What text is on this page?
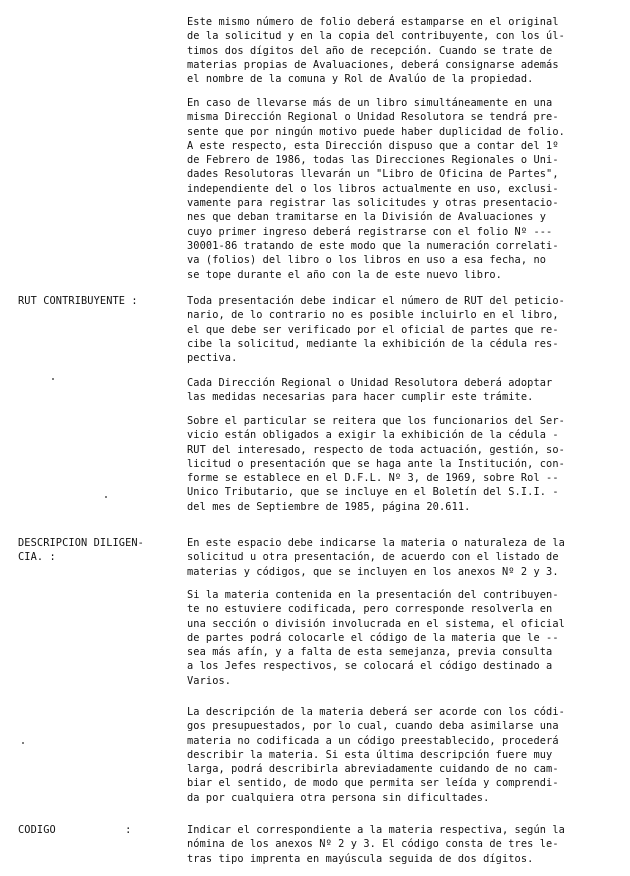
Este mismo número de folio deberá estamparse en el original
de la solicitud y en la copia del contribuyente, con los úl-
timos dos dígitos del año de recepción. Cuando se trate de
materias propias de Avaluaciones, deberá consignarse además
el nombre de la comuna y Rol de Avalúo de la propiedad.
En caso de llevarse más de un libro simultáneamente en una
misma Dirección Regional o Unidad Resolutora se tendrá pre-
sente que por ningún motivo puede haber duplicidad de folio.
A este respecto, esta Dirección dispuso que a contar del 1º
de Febrero de 1986, todas las Direcciones Regionales o Uni-
dades Resolutoras llevarán un "Libro de Oficina de Partes",
independiente del o los libros actualmente en uso, exclusi-
vamente para registrar las solicitudes y otras presentacio-
nes que deban tramitarse en la División de Avaluaciones y
cuyo primer ingreso deberá registrarse con el folio Nº ---
30001-86 tratando de este modo que la numeración correlati-
va (folios) del libro o los libros en uso a esa fecha, no
se tope durante el año con la de este nuevo libro.
RUT CONTRIBUYENTE :	Toda presentación debe indicar el número de RUT del peticio-
nario, de lo contrario no es posible incluirlo en el libro,
el que debe ser verificado por el oficial de partes que re-
cibe la solicitud, mediante la exhibición de la cédula res-
pectiva.
Cada Dirección Regional o Unidad Resolutora deberá adoptar
las medidas necesarias para hacer cumplir este trámite.
Sobre el particular se reitera que los funcionarios del Ser-
vicio están obligados a exigir la exhibición de la cédula -
RUT del interesado, respecto de toda actuación, gestión, so-
licitud o presentación que se haga ante la Institución, con-
forme se establece en el D.F.L. Nº 3, de 1969, sobre Rol --
Unico Tributario, que se incluye en el Boletín del S.I.I. -
del mes de Septiembre de 1985, página 20.611.
DESCRIPCION DILIGEN-
CIA. :
En este espacio debe indicarse la materia o naturaleza de la
solicitud u otra presentación, de acuerdo con el listado de
materias y códigos, que se incluyen en los anexos Nº 2 y 3.
Si la materia contenida en la presentación del contribuyen-
te no estuviere codificada, pero corresponde resolverla en
una sección o división involucrada en el sistema, el oficial
de partes podrá colocarle el código de la materia que le --
sea más afín, y a falta de esta semejanza, previa consulta
a los Jefes respectivos, se colocará el código destinado a
Varios.
La descripción de la materia deberá ser acorde con los códi-
gos presupuestados, por lo cual, cuando deba asimilarse una
materia no codificada a un código preestablecido, procederá
describir la materia. Si esta última descripción fuere muy
larga, podrá describirla abreviadamente cuidando de no cam-
biar el sentido, de modo que permita ser leída y comprendi-
da por cualquiera otra persona sin dificultades.
CODIGO           :	Indicar el correspondiente a la materia respectiva, según la
nómina de los anexos Nº 2 y 3. El código consta de tres le-
tras tipo imprenta en mayúscula seguida de dos dígitos.
